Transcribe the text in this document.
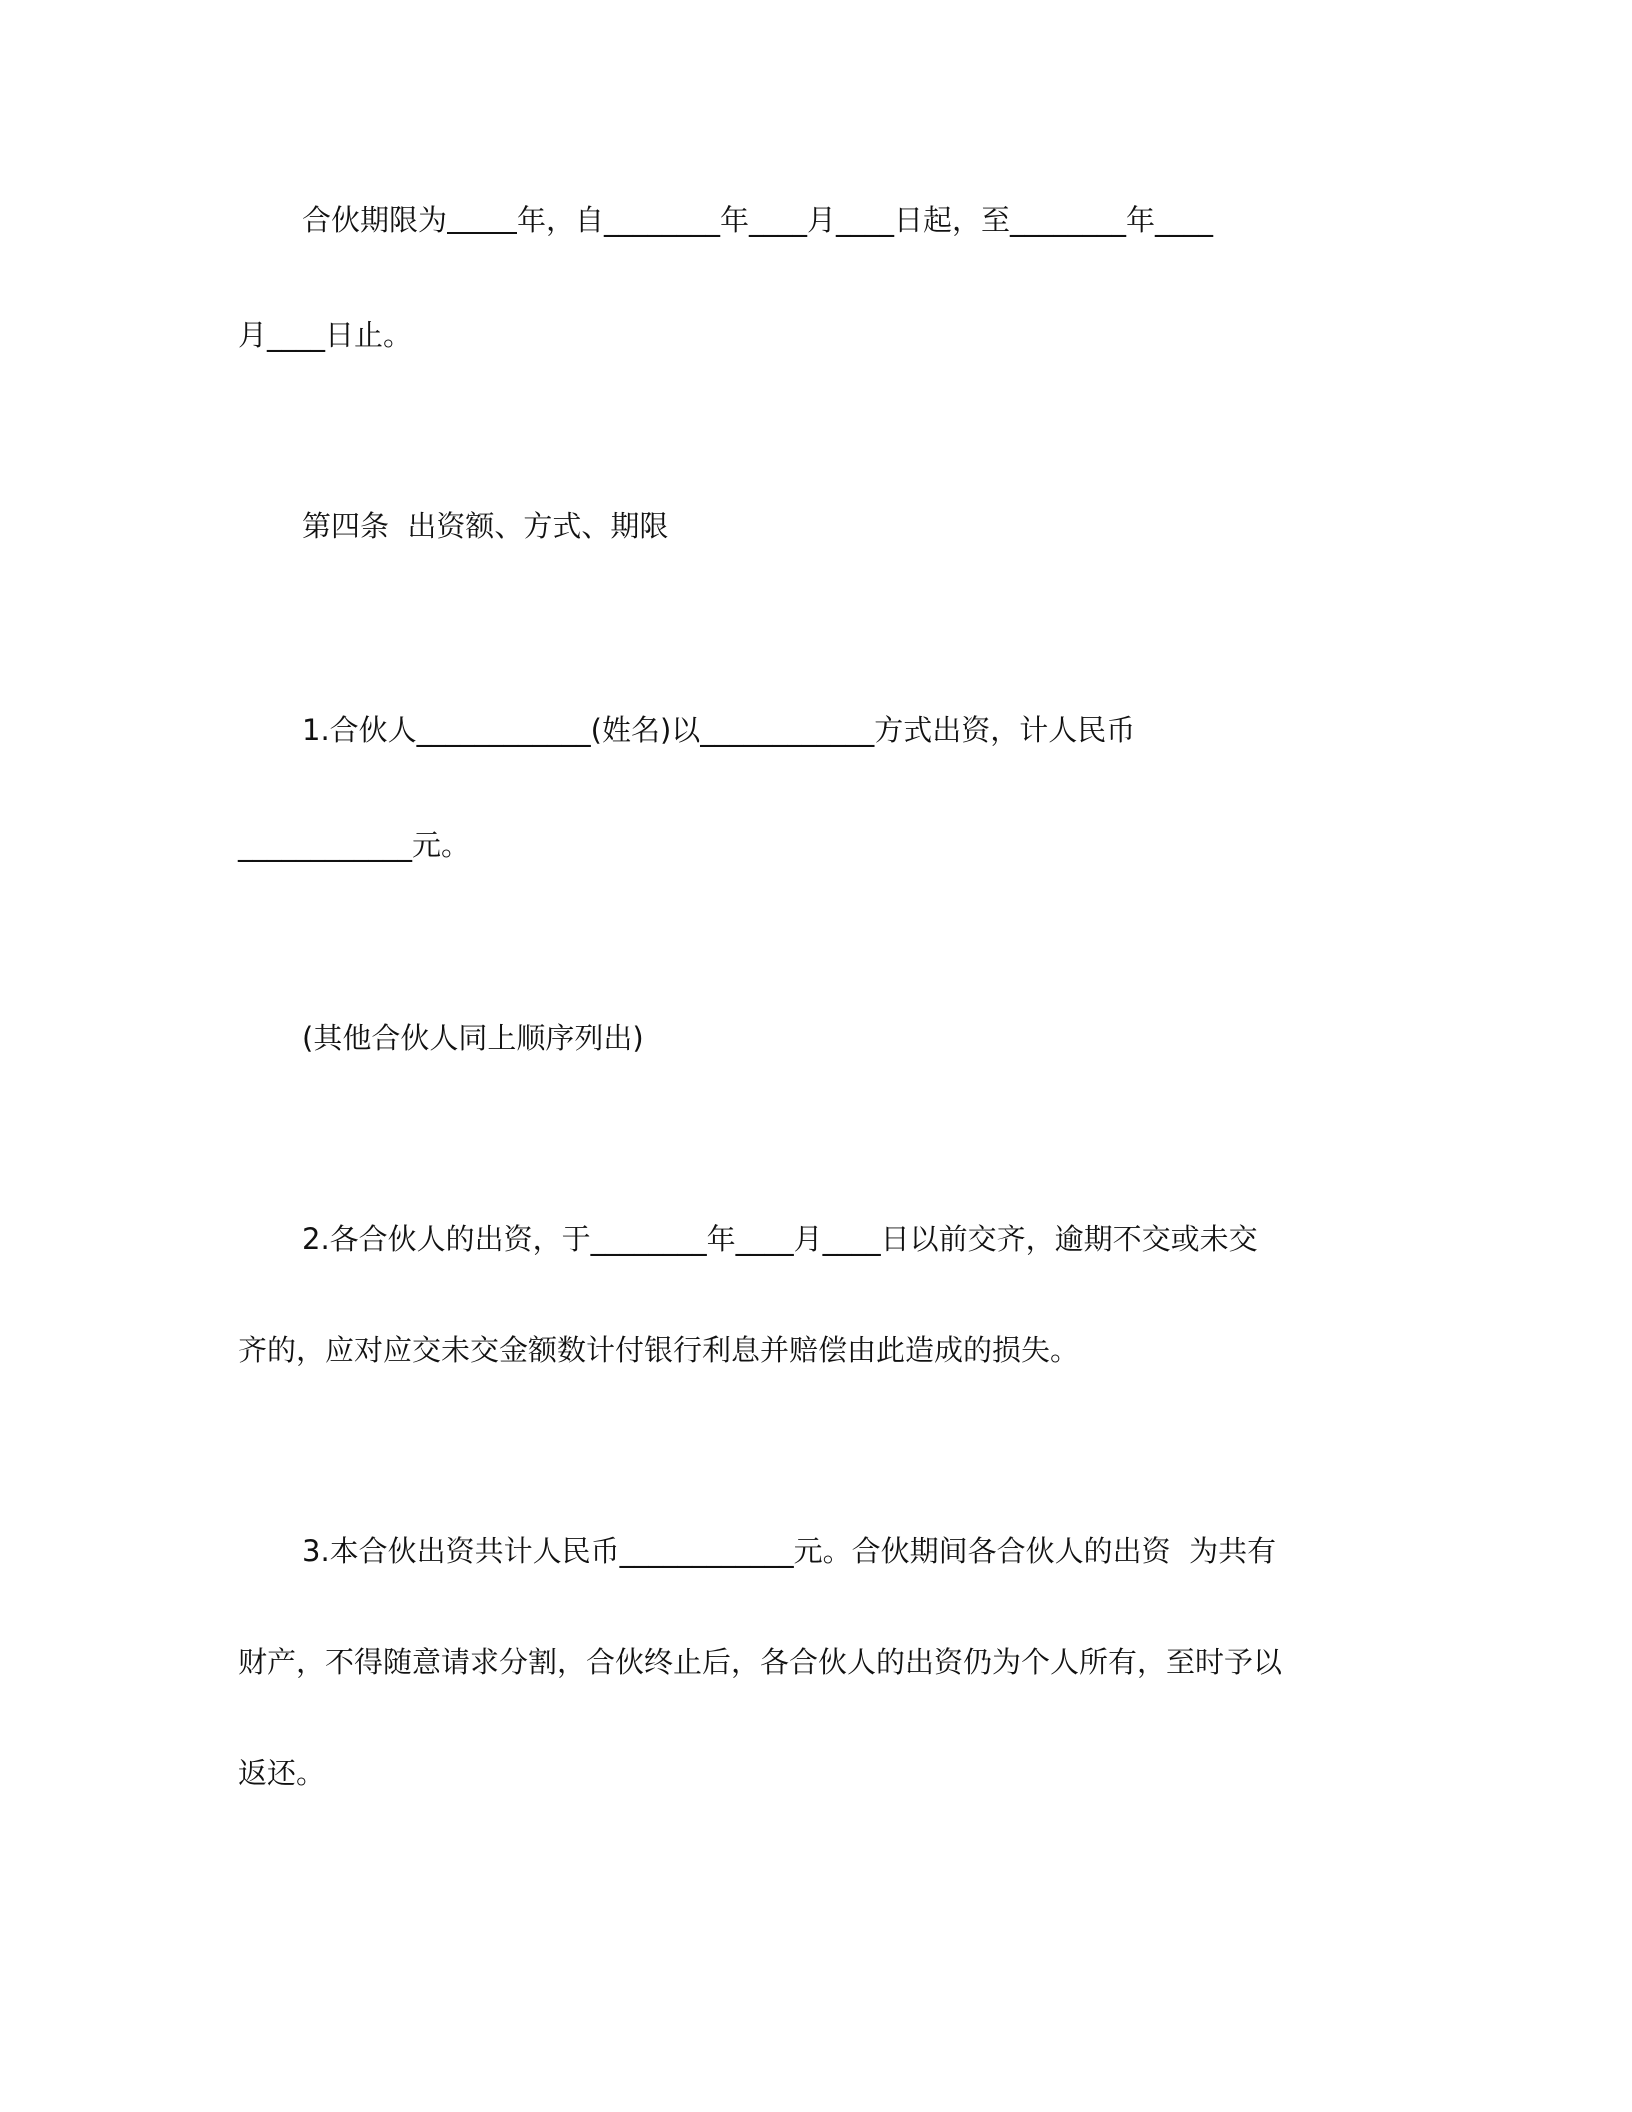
合伙期限为 年，自________年____月____日起，至________年____
月____日止。
第四条  出资额、方式、期限
1.合伙人____________(姓名)以____________方式出资，计人民币
____________元。
(其他合伙人同上顺序列出)
2.各合伙人的出资，于________年____月____日以前交齐，逾期不交或未交
齐的，应对应交未交金额数计付银行利息并赔偿由此造成的损失。
3.本合伙出资共计人民币____________元。合伙期间各合伙人的出资  为共有
财产，不得随意请求分割，合伙终止后，各合伙人的出资仍为个人所有，至时予以
返还。
